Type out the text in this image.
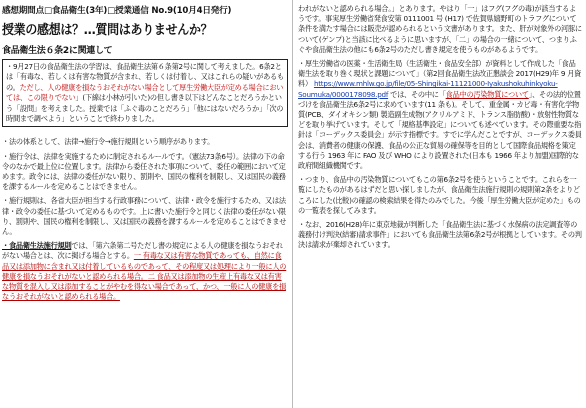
感想期間点□食品衛生(3年)□授業通信 No.9(10月4日発行)
授業の感想は？…質問はありませんか？
食品衛生法６条2に関連して
・9月27日の食品衛生法の学習は、食品衛生法第６条第2号に関して考えました。6条2とは「有毒な、若しくは有害な物質が含まれ、若しくは付着し、又はこれらの疑いがあるもの。ただし、人の健康を損なうおそれがない場合として厚生労働大臣が定める場合においては、この限りでない」(下線は小林が引いた)の但し書き以下はどんなことだろうかという「設問」を考えました。授業では「ふぐ毒のことだろう」「他にはないだろうか」「次の時間まで調べよう」ということで終わりました。
・法の体系として、法律→施行令→施行規則という順序があります。
・施行令は、法律を実施するために制定されるルールです。（憲法73条6号）。法律の下の命令のなかで最上位に位置します。法律から委任された事項について、委任の範囲において定めます。政令には、法律の委任がない限り、罰則や、国民の権利を制限し、又は国民の義務を課するルールを定めることはできません。
・施行規則は、各省大臣が担当する行政事務について、法律・政令を施行するため、又は法律・政令の委任に基づいて定めるものです。上に書いた施行令と同じく法律の委任がない限り、罰則や、国民の権利を制限し、又は国民の義務を課するルールを定めることはできません。
・食品衛生法施行規則では、「第六条第二号ただし書の規定による人の健康を損なうおそれがない場合とは、次に掲げる場合とする。一 有毒な又は有害な物質であっても、自然に食品又は添加物に含まれ又は付着しているものであって、その程度又は処理により一般に人の健康を損なうおそれがないと認められる場合。二 食品又は添加物の生産上有毒な又は有害な物質を混入し又は添加することがやむを得ない場合であって、かつ、一般に人の健康を損なうおそれがないと認められる場合。
われがないと認められる場合。」とあります。やはり「一」はフグ(フグの毒)が該当するようです。事実厚生労働省発食安第 0111001 号 (H17) で佐賀県嬉野町のトラフグについて条件を満たす場合には販売が認められるという文書があります。また、肝が対象外の河豚について(ゲンプ)と当該に比べるように思いますが、「二」の場合の一緒について、つまりふぐや食品衛生法の他にも6条2号のただし書き規定を使うものがあるようです。
・厚生労働省の医薬・生活衛生局（生活衛生・食品安全部）が資料として作成した「食品衛生法を取り巻く現状と課題について」（第2回食品衛生法改正懇談会 2017(H29)年 9 月資料） https://www.mhlw.go.jp/file/05-Shingikai-11121000-Iyakushokuhinkyoku-Soumuka/0000178098.pdf では、その中に「食品中の汚染物質について」、その法的位置づけを食品衛生法6条2号に求めています(11 条も)。そして、重金属・カビ毒・有害化学物質(PCB、ダイオキシン類) 製造副生成物(アクリルアミド、トランス脂肪酸)・放射性物質などを取り挙げています。そして「規格基準設定」についても述べています。その際重要な指針は「コーデックス委員会」が示す指標です。すでに学んだことですが、コーデックス委員会は、消費者の健康の保護、食品の公正な貿易の確保等を目的として国際食品規格を策定する行う 1963 年に FAO 及び WHO により設置された(日本も 1966 年より加盟)国際的な政府間組織機関です。
・つまり、食品中の汚染物質についてもこの第6条2号を使うということです。これらを一覧にしたものがあるはずだと思い探しましたが、食品衛生法施行規則の規則第2条をよりどころにした(比較)の確認の検索結果を得たのみでした。今後「厚生労働大臣が定めた」ものの一覧表を探してみます。
・なお、2016(H28)年に東京地裁が判断した「食品衛生法に基づく水保病の法定調査等の義務付け判決(結審)請求事件」においても食品衛生法第6条2号が根拠としています。その判決は請求が棄却されています。
